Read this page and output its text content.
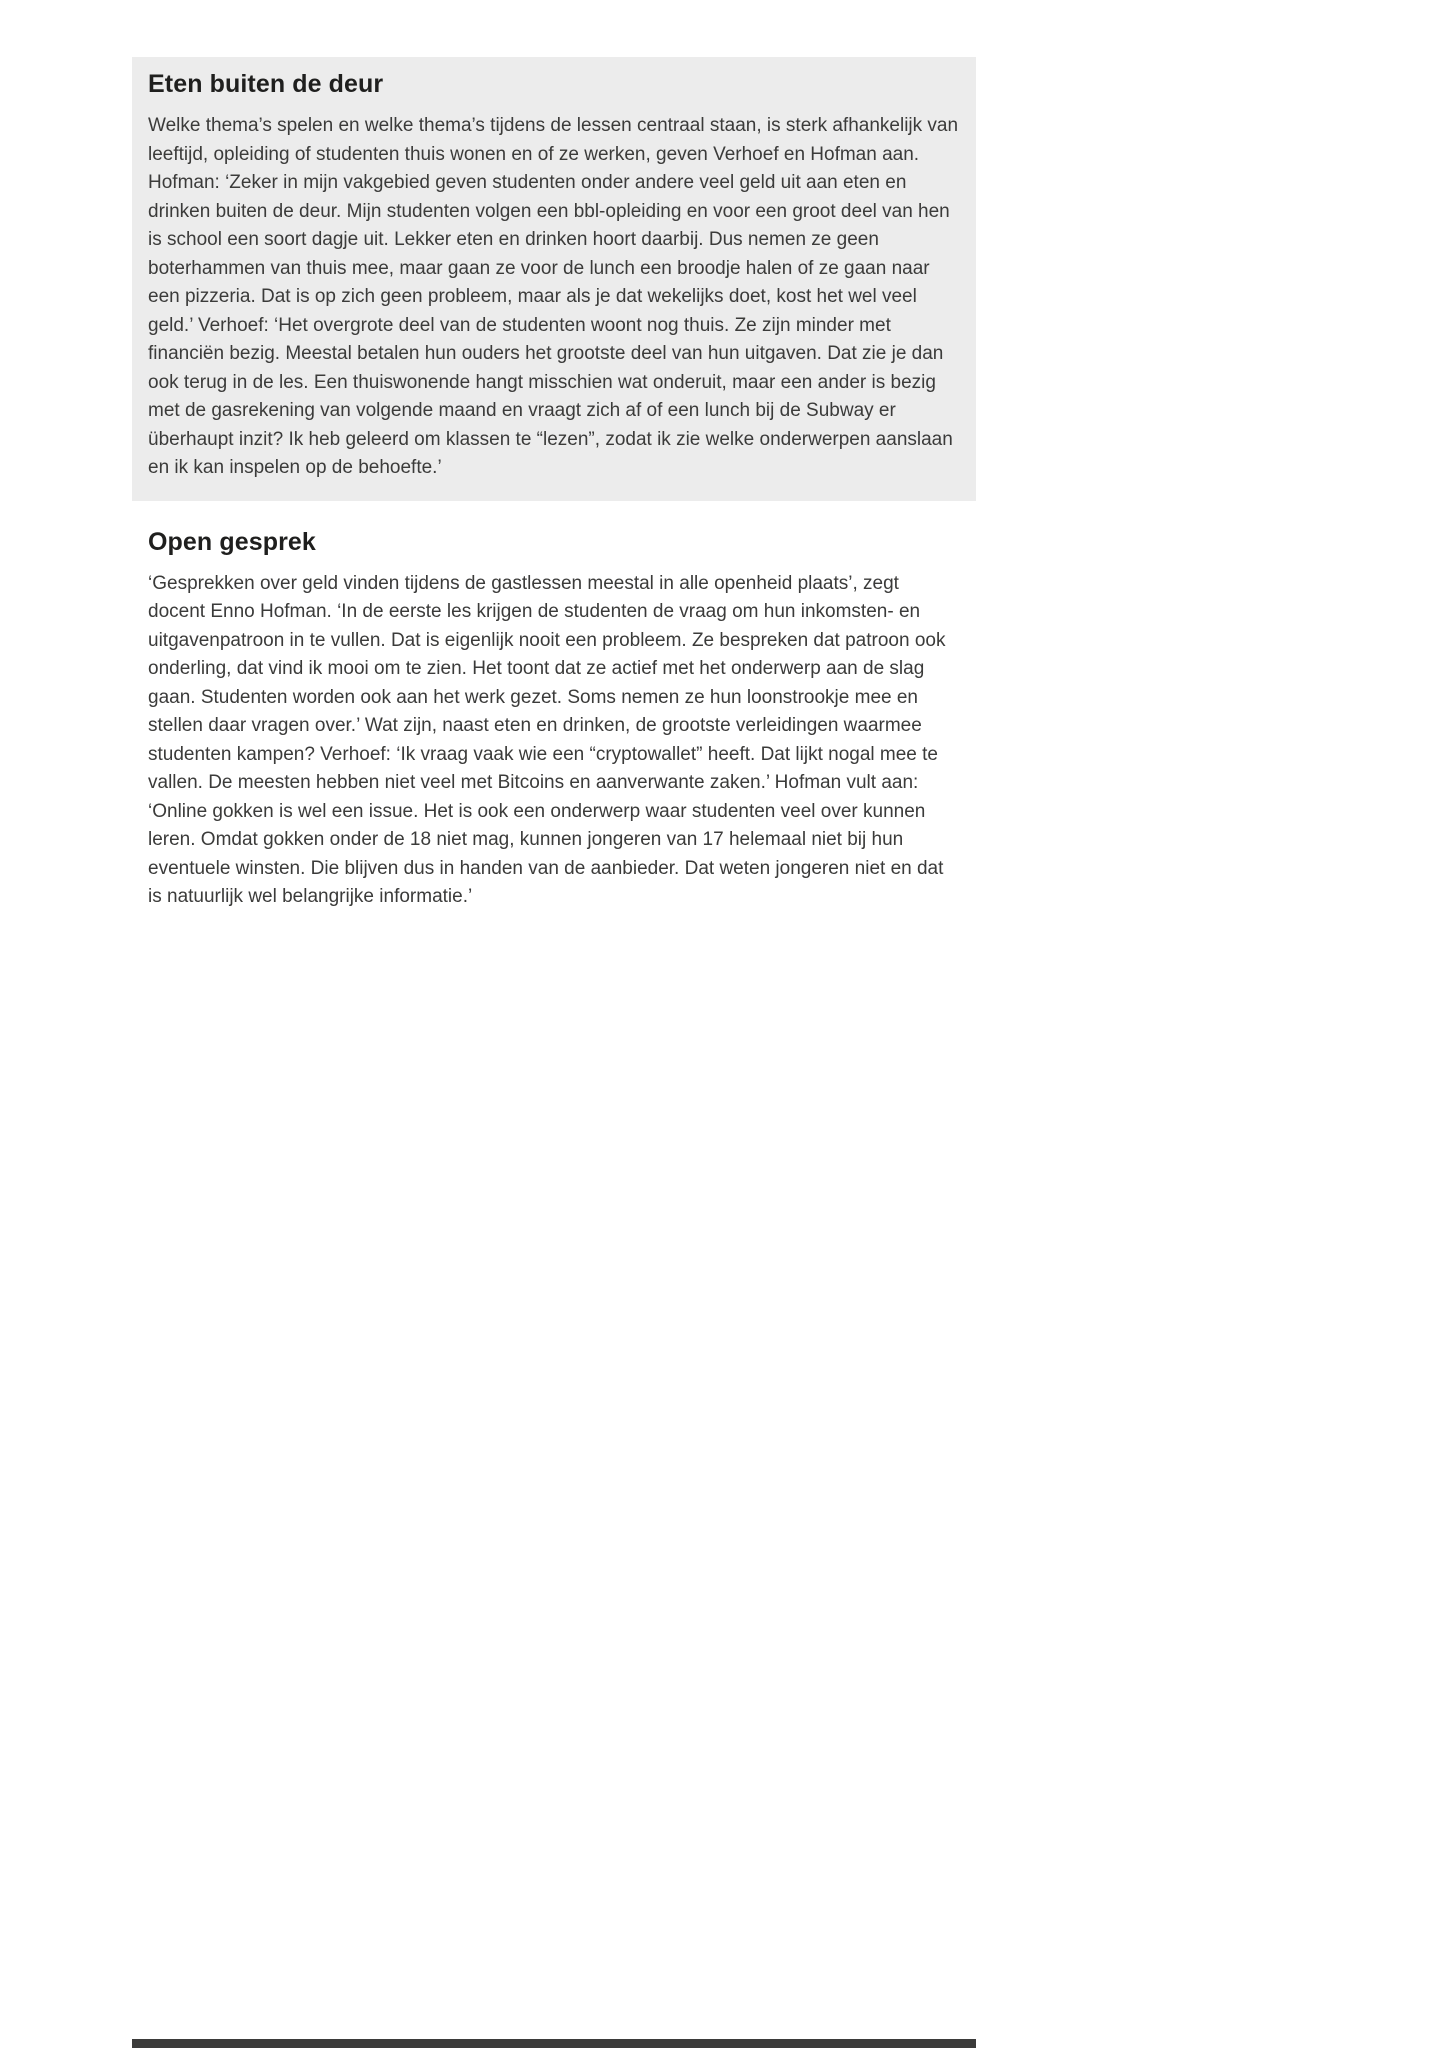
Eten buiten de deur

Welke thema’s spelen en welke thema’s tijdens de lessen centraal staan, is sterk afhankelijk van leeftijd, opleiding of studenten thuis wonen en of ze werken, geven Verhoef en Hofman aan. Hofman: ‘Zeker in mijn vakgebied geven studenten onder andere veel geld uit aan eten en drinken buiten de deur. Mijn studenten volgen een bbl-opleiding en voor een groot deel van hen is school een soort dagje uit. Lekker eten en drinken hoort daarbij. Dus nemen ze geen boterhammen van thuis mee, maar gaan ze voor de lunch een broodje halen of ze gaan naar een pizzeria. Dat is op zich geen probleem, maar als je dat wekelijks doet, kost het wel veel geld.’ Verhoef: ‘Het overgrote deel van de studenten woont nog thuis. Ze zijn minder met financiën bezig. Meestal betalen hun ouders het grootste deel van hun uitgaven. Dat zie je dan ook terug in de les. Een thuiswonende hangt misschien wat onderuit, maar een ander is bezig met de gasrekening van volgende maand en vraagt zich af of een lunch bij de Subway er überhaupt inzit? Ik heb geleerd om klassen te “lezen”, zodat ik zie welke onderwerpen aanslaan en ik kan inspelen op de behoefte.’

Open gesprek

‘Gesprekken over geld vinden tijdens de gastlessen meestal in alle openheid plaats’, zegt docent Enno Hofman. ‘In de eerste les krijgen de studenten de vraag om hun inkomsten- en uitgavenpatroon in te vullen. Dat is eigenlijk nooit een probleem. Ze bespreken dat patroon ook onderling, dat vind ik mooi om te zien. Het toont dat ze actief met het onderwerp aan de slag gaan. Studenten worden ook aan het werk gezet. Soms nemen ze hun loonstrookje mee en stellen daar vragen over.’ Wat zijn, naast eten en drinken, de grootste verleidingen waarmee studenten kampen? Verhoef: ‘Ik vraag vaak wie een “cryptowallet” heeft. Dat lijkt nogal mee te vallen. De meesten hebben niet veel met Bitcoins en aanverwante zaken.’ Hofman vult aan: ‘Online gokken is wel een issue. Het is ook een onderwerp waar studenten veel over kunnen leren. Omdat gokken onder de 18 niet mag, kunnen jongeren van 17 helemaal niet bij hun eventuele winsten. Die blijven dus in handen van de aanbieder. Dat weten jongeren niet en dat is natuurlijk wel belangrijke informatie.’
